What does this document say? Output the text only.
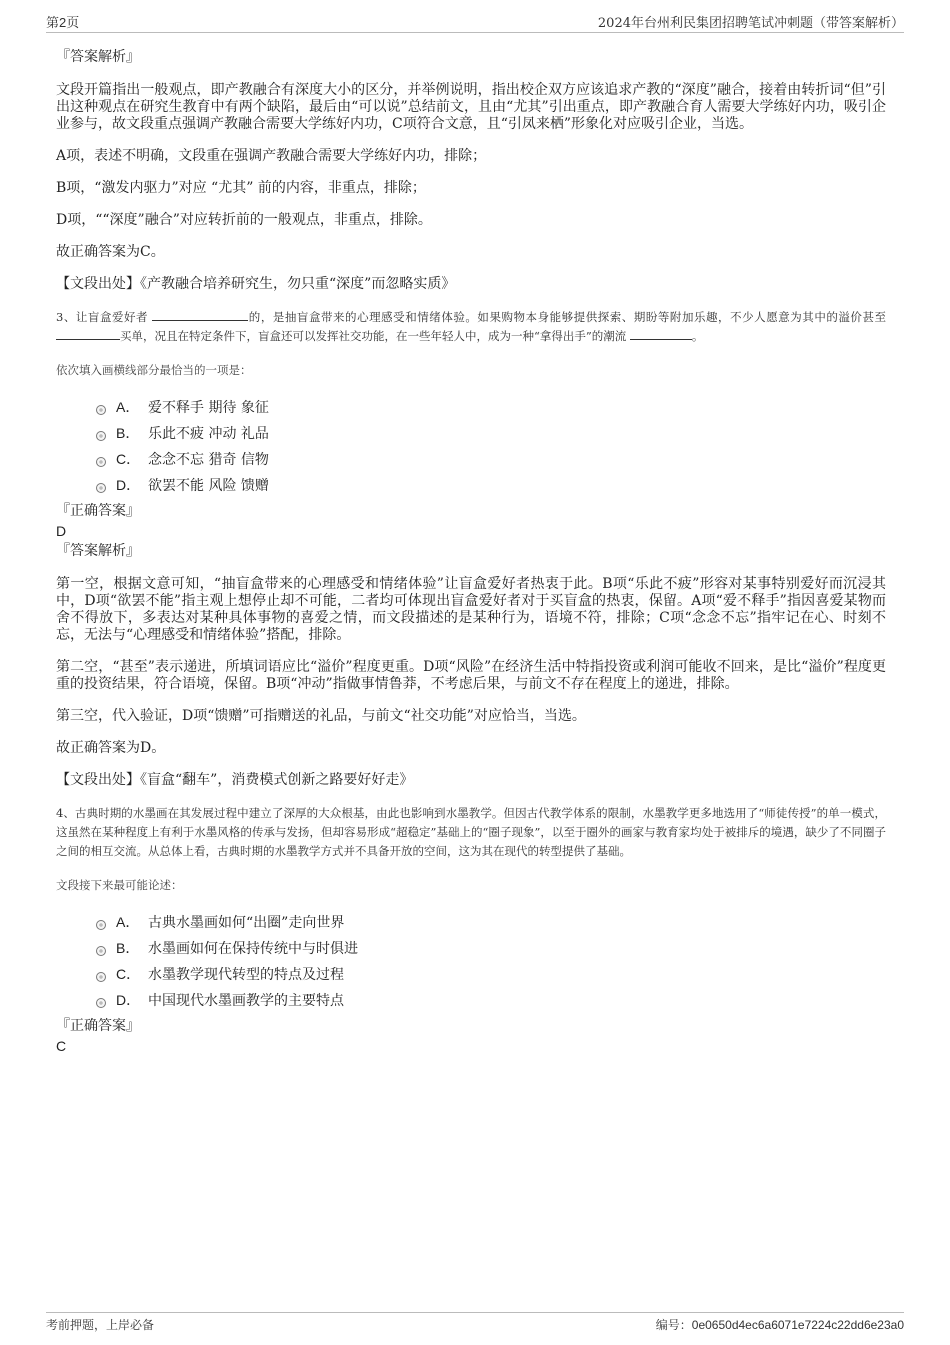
第2页	2024年台州利民集团招聘笔试冲刺题（带答案解析）
『答案解析』
文段开篇指出一般观点，即产教融合有深度大小的区分，并举例说明，指出校企双方应该追求产教的“深度”融合，接着由转折词“但”引出这种观点在研究生教育中有两个缺陷，最后由“可以说”总结前文，且由“尤其”引出重点，即产教融合育人需要大学练好内功，吸引企业参与，故文段重点强调产教融合需要大学练好内功，C项符合文意，且“引凤来栖”形象化对应吸引企业，当选。
A项，表述不明确，文段重在强调产教融合需要大学练好内功，排除；
B项，“激发内驱力”对应 “尤其” 前的内容，非重点，排除；
D项，““深度”融合”对应转折前的一般观点，非重点，排除。
故正确答案为C。
【文段出处】《产教融合培养研究生，勿只重“深度”而忽略实质》
3、让盲盒爱好者	的，是抽盲盒带来的心理感受和情绪体验。如果购物本身能够提供探索、期盼等附加乐趣，不少人愿意为其中的溢价甚至 买单，况且在特定条件下，盲盒还可以发挥社交功能，在一些年轻人中，成为一种“拿得出手”的潮流	。
依次填入画横线部分最恰当的一项是：
A． 爱不释手 期待 象征
B． 乐此不疲 冲动 礼品
C． 念念不忘 猎奇 信物
D． 欲罢不能 风险 馈赠
『正确答案』
D
『答案解析』
第一空，根据文意可知，“抽盲盒带来的心理感受和情绪体验”让盲盒爱好者热衷于此。B项“乐此不疲”形容对某事特别爱好而沉浸其中，D项“欲罢不能”指主观上想停止却不可能，二者均可体现出盲盒爱好者对于买盲盒的热衷，保留。A项“爱不释手”指因喜爱某物而舍不得放下，多表达对某种具体事物的喜爱之情，而文段描述的是某种行为，语境不符，排除；C项“念念不忘”指牢记在心、时刻不忘，无法与“心理感受和情绪体验”搭配，排除。
第二空，“甚至”表示递进，所填词语应比“溢价”程度更重。D项“风险”在经济生活中特指投资或利润可能收不回来，是比“溢价”程度更重的投资结果，符合语境，保留。B项“冲动”指做事情鲁莽，不考虑后果，与前文不存在程度上的递进，排除。
第三空，代入验证，D项“馈赠”可指赠送的礼品，与前文“社交功能”对应恰当，当选。
故正确答案为D。
【文段出处】《盲盒“翻车”，消费模式创新之路要好好走》
4、古典时期的水墨画在其发展过程中建立了深厚的大众根基，由此也影响到水墨教学。但因古代教学体系的限制，水墨教学更多地选用了“师徒传授”的单一模式，这虽然在某种程度上有利于水墨风格的传承与发扬，但却容易形成“超稳定”基础上的“圈子现象”，以至于圈外的画家与教育家均处于被排斥的境遇，缺少了不同圈子之间的相互交流。从总体上看，古典时期的水墨教学方式并不具备开放的空间，这为其在现代的转型提供了基础。
文段接下来最可能论述：
A． 古典水墨画如何“出圈”走向世界
B． 水墨画如何在保持传统中与时俱进
C． 水墨教学现代转型的特点及过程
D． 中国现代水墨画教学的主要特点
『正确答案』
C
考前押题，上岸必备	编号：0e0650d4ec6a6071e7224c22dd6e23a0
